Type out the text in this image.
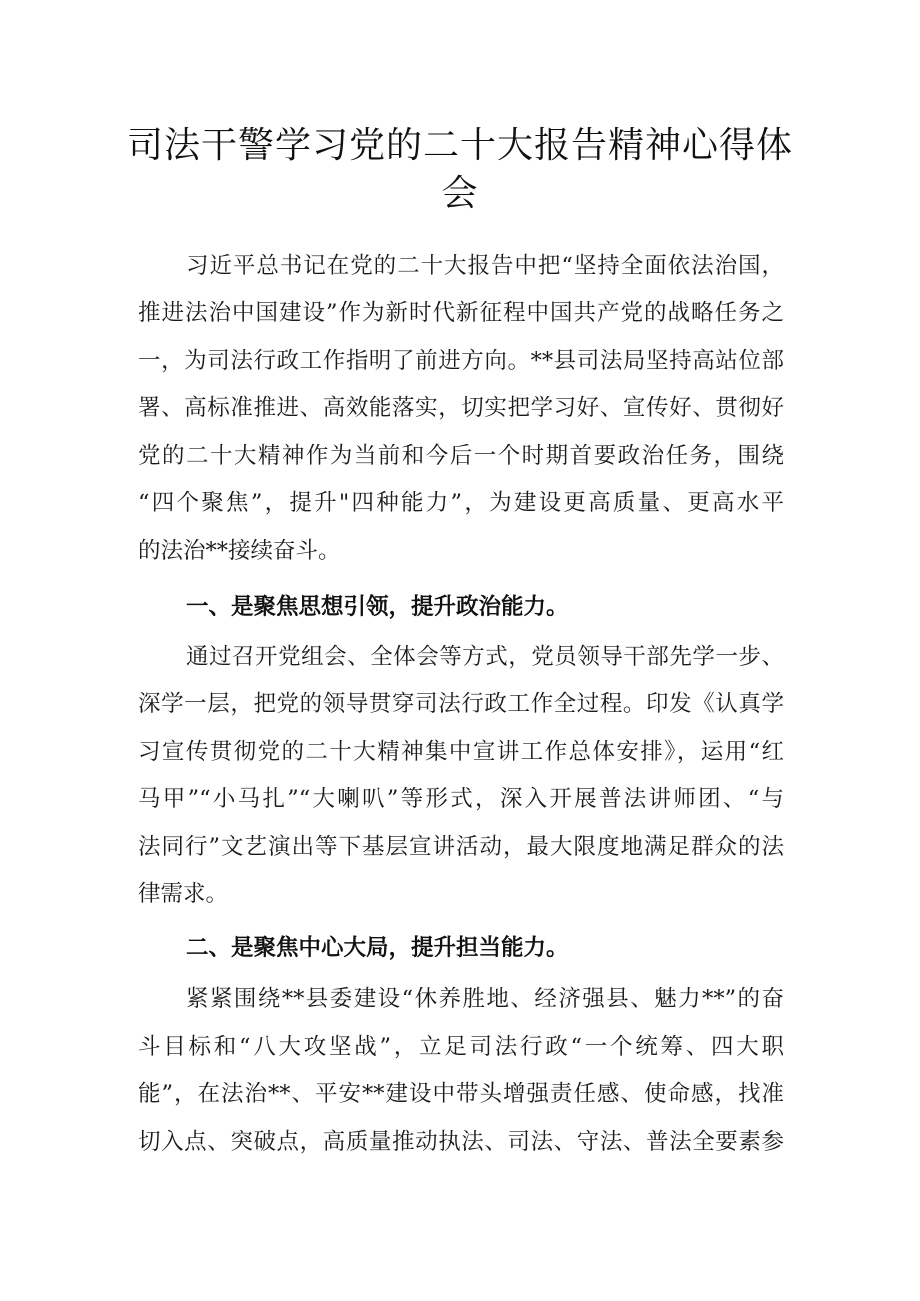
司法干警学习党的二十大报告精神心得体
会
习近平总书记在党的二十大报告中把“坚持全面依法治国，
推进法治中国建设”作为新时代新征程中国共产党的战略任务之
一，为司法行政工作指明了前进方向。**县司法局坚持高站位部
署、高标准推进、高效能落实，切实把学习好、宣传好、贯彻好
党的二十大精神作为当前和今后一个时期首要政治任务，围绕
“四个聚焦”，提升"四种能力”，为建设更高质量、更高水平
的法治**接续奋斗。
一、是聚焦思想引领，提升政治能力。
通过召开党组会、全体会等方式，党员领导干部先学一步、
深学一层，把党的领导贯穿司法行政工作全过程。印发《认真学
习宣传贯彻党的二十大精神集中宣讲工作总体安排》，运用“红
马甲”“小马扎”“大喇叭”等形式，深入开展普法讲师团、“与
法同行”文艺演出等下基层宣讲活动，最大限度地满足群众的法
律需求。
二、是聚焦中心大局，提升担当能力。
紧紧围绕**县委建设“休养胜地、经济强县、魅力**”的奋
斗目标和“八大攻坚战”，立足司法行政“一个统筹、四大职
能”，在法治**、平安**建设中带头增强责任感、使命感，找准
切入点、突破点，高质量推动执法、司法、守法、普法全要素参
